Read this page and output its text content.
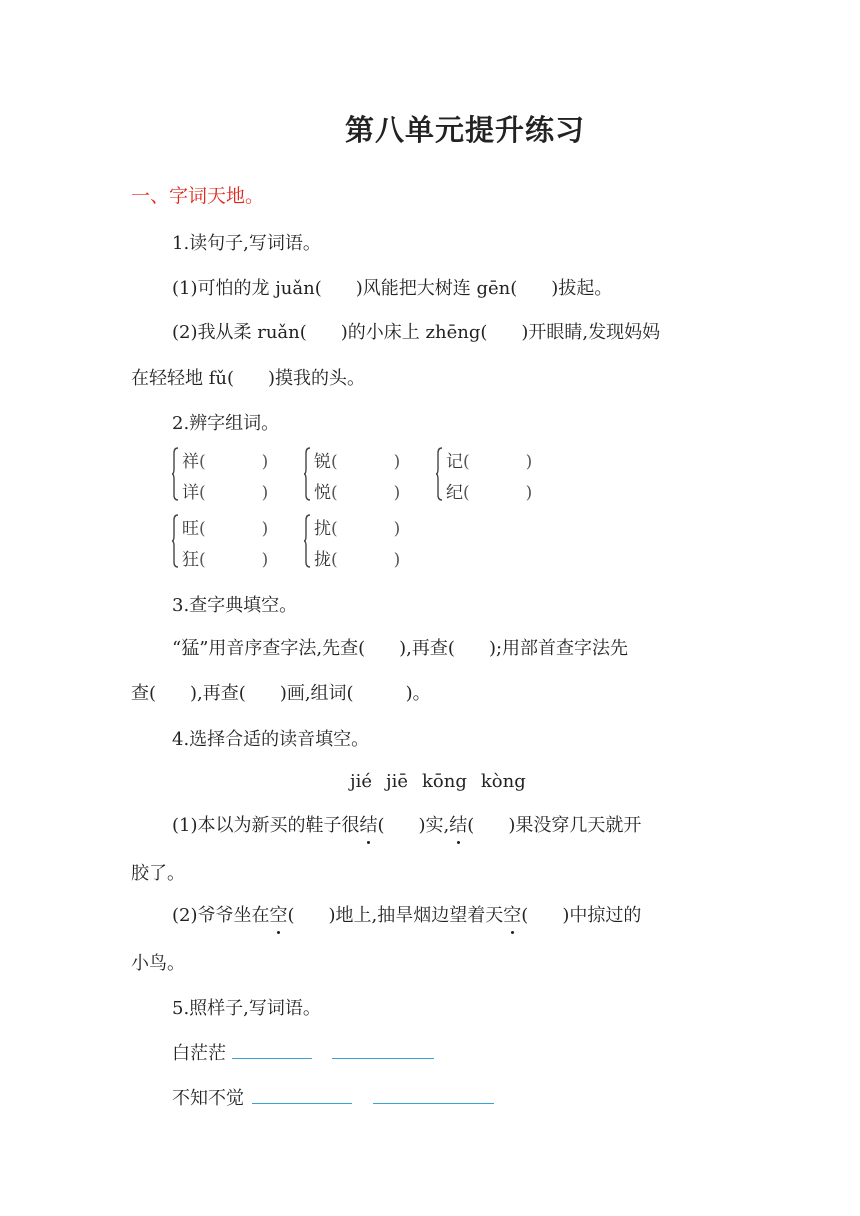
第八单元提升练习
一、字词天地。
1.读句子,写词语。
(1)可怕的龙 juǎn( )风能把大树连 gēn( )拔起。
(2)我从柔 ruǎn( )的小床上 zhēng( )开眼睛,发现妈妈
在轻轻地 fǔ( )摸我的头。
2.辨字组词。
祥(	)
详(	)
锐(	)
悦(	)
记(	)
纪(	)
旺(	)
狂(	)
扰(	)
拢(	)
3.查字典填空。
“猛”用音序查字法,先查( ),再查( );用部首查字法先
查( ),再查( )画,组词(	)。
4.选择合适的读音填空。
jié jiē kōng kòng
(1)本以为新买的鞋子很结( )实,结( )果没穿几天就开
胶了。
(2)爷爷坐在空( )地上,抽旱烟边望着天空( )中掠过的
小鸟。
5.照样子,写词语。
白茫茫
不知不觉
